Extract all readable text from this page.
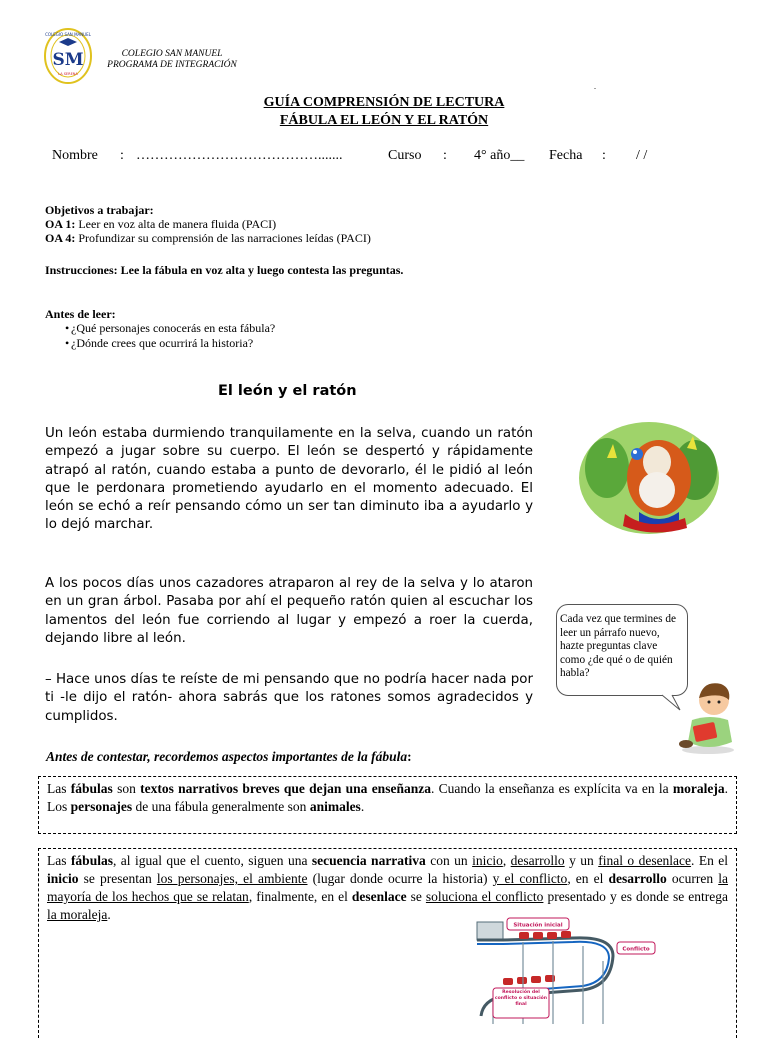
COLEGIO SAN MANUEL
SM
LA SERENA
COLEGIO SAN MANUEL
PROGRAMA DE INTEGRACIÓN
.
GUÍA COMPRENSIÓN DE LECTURA
FÁBULA EL LEÓN Y EL RATÓN
Nombre : ………………………………….......	Curso : 4° año__ Fecha : / /
Objetivos a trabajar:
OA 1: Leer en voz alta de manera fluida (PACI)
OA 4: Profundizar su comprensión de las narraciones leídas (PACI)
Instrucciones: Lee la fábula en voz alta y luego contesta las preguntas.
Antes de leer:
• ¿Qué personajes conocerás en esta fábula?
• ¿Dónde crees que ocurrirá la historia?
El león y el ratón

Un león estaba durmiendo tranquilamente en la selva, cuando un ratón empezó a jugar sobre su cuerpo. El león se despertó y rápidamente atrapó al ratón, cuando estaba a punto de devorarlo, él le pidió al león que le perdonara prometiendo ayudarlo en el momento adecuado. El león se echó a reír pensando cómo un ser tan diminuto iba a ayudarlo y lo dejó marchar.

A los pocos días unos cazadores atraparon al rey de la selva y lo ataron en un gran árbol. Pasaba por ahí el pequeño ratón quien al escuchar los lamentos del león fue corriendo al lugar y empezó a roer la cuerda, dejando libre al león.

– Hace unos días te reíste de mi pensando que no podría hacer nada por ti -le dijo el ratón- ahora sabrás que los ratones somos agradecidos y cumplidos.

Cada vez que termines de leer un párrafo nuevo, hazte preguntas clave como ¿de qué o de quién habla?
Antes de contestar, recordemos aspectos importantes de la fábula:
Las fábulas son textos narrativos breves que dejan una enseñanza. Cuando la enseñanza es explícita va en la moraleja. Los personajes de una fábula generalmente son animales.
Las fábulas, al igual que el cuento, siguen una secuencia narrativa con un inicio, desarrollo y un final o desenlace. En el inicio se presentan los personajes, el ambiente (lugar donde ocurre la historia) y el conflicto, en el desarrollo ocurren la mayoría de los hechos que se relatan, finalmente, en el desenlace se soluciona el conflicto presentado y es donde se entrega la moraleja.
Situación inicial
Conflicto
Resolución del conflicto o situación final
